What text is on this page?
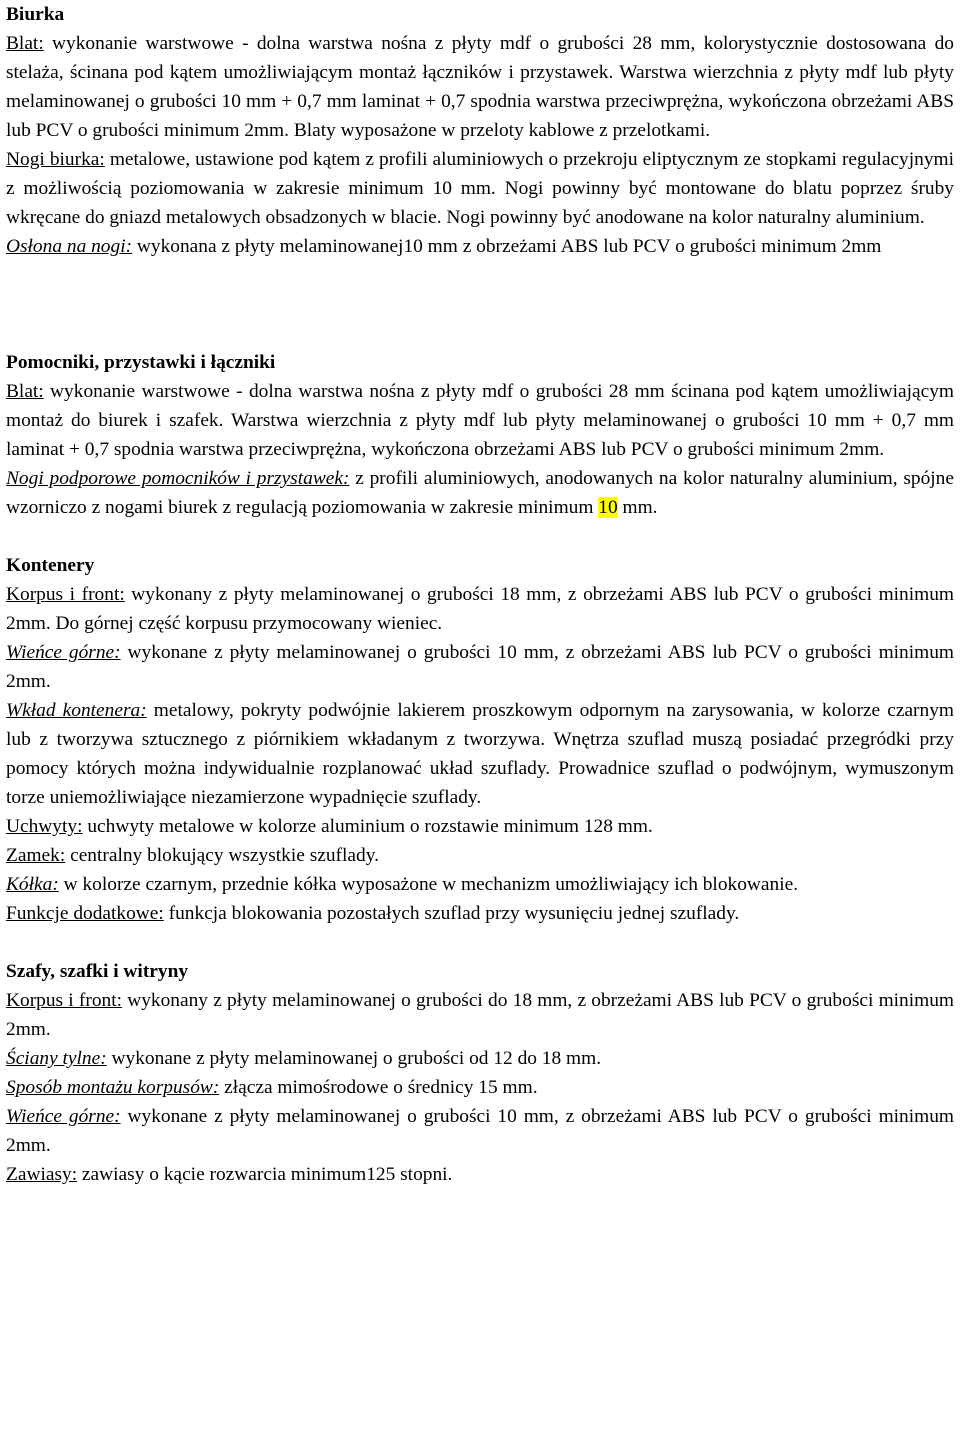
Biurka

Blat: wykonanie warstwowe - dolna warstwa nośna z płyty mdf o grubości 28 mm, kolorystycznie dostosowana do stelaża, ścinana pod kątem umożliwiającym montaż łączników i przystawek. Warstwa wierzchnia z płyty mdf lub płyty melaminowanej o grubości 10 mm + 0,7 mm laminat + 0,7 spodnia warstwa przeciwprężna, wykończona obrzeżami ABS lub PCV o grubości minimum 2mm. Blaty wyposażone w przeloty kablowe z przelotkami.

Nogi biurka: metalowe, ustawione pod kątem z profili aluminiowych o przekroju eliptycznym ze stopkami regulacyjnymi z możliwością poziomowania w zakresie minimum 10 mm. Nogi powinny być montowane do blatu poprzez śruby wkręcane do gniazd metalowych obsadzonych w blacie. Nogi powinny być anodowane na kolor naturalny aluminium.

Osłona na nogi: wykonana z płyty melaminowanej10 mm z obrzeżami ABS lub PCV o grubości minimum 2mm

Pomocniki, przystawki i łączniki

Blat: wykonanie warstwowe - dolna warstwa nośna z płyty mdf o grubości 28 mm ścinana pod kątem umożliwiającym montaż do biurek i szafek. Warstwa wierzchnia z płyty mdf lub płyty melaminowanej o grubości 10 mm + 0,7 mm laminat + 0,7 spodnia warstwa przeciwprężna, wykończona obrzeżami ABS lub PCV o grubości minimum 2mm.

Nogi podporowe pomocników i przystawek: z profili aluminiowych, anodowanych na kolor naturalny aluminium, spójne wzorniczo z nogami biurek z regulacją poziomowania w zakresie minimum 10 mm.

Kontenery

Korpus i front: wykonany z płyty melaminowanej o grubości 18 mm, z obrzeżami ABS lub PCV o grubości minimum 2mm. Do górnej część korpusu przymocowany wieniec.

Wieńce górne: wykonane z płyty melaminowanej o grubości 10 mm, z obrzeżami ABS lub PCV o grubości minimum 2mm.

Wkład kontenera: metalowy, pokryty podwójnie lakierem proszkowym odpornym na zarysowania, w kolorze czarnym lub z tworzywa sztucznego z piórnikiem wkładanym z tworzywa. Wnętrza szuflad muszą posiadać przegródki przy pomocy których można indywidualnie rozplanować układ szuflady. Prowadnice szuflad o podwójnym, wymuszonym torze uniemożliwiające niezamierzone wypadnięcie szuflady.

Uchwyty: uchwyty metalowe w kolorze aluminium o rozstawie minimum 128 mm.

Zamek: centralny blokujący wszystkie szuflady.

Kółka: w kolorze czarnym, przednie kółka wyposażone w mechanizm umożliwiający ich blokowanie.

Funkcje dodatkowe: funkcja blokowania pozostałych szuflad przy wysunięciu jednej szuflady.

Szafy, szafki i witryny

Korpus i front: wykonany z płyty melaminowanej o grubości do 18 mm, z obrzeżami ABS lub PCV o grubości minimum 2mm.

Ściany tylne: wykonane z płyty melaminowanej o grubości od 12 do 18 mm.

Sposób montażu korpusów: złącza mimośrodowe o średnicy 15 mm.

Wieńce górne: wykonane z płyty melaminowanej o grubości 10 mm, z obrzeżami ABS lub PCV o grubości minimum 2mm.

Zawiasy: zawiasy o kącie rozwarcia minimum125 stopni.
